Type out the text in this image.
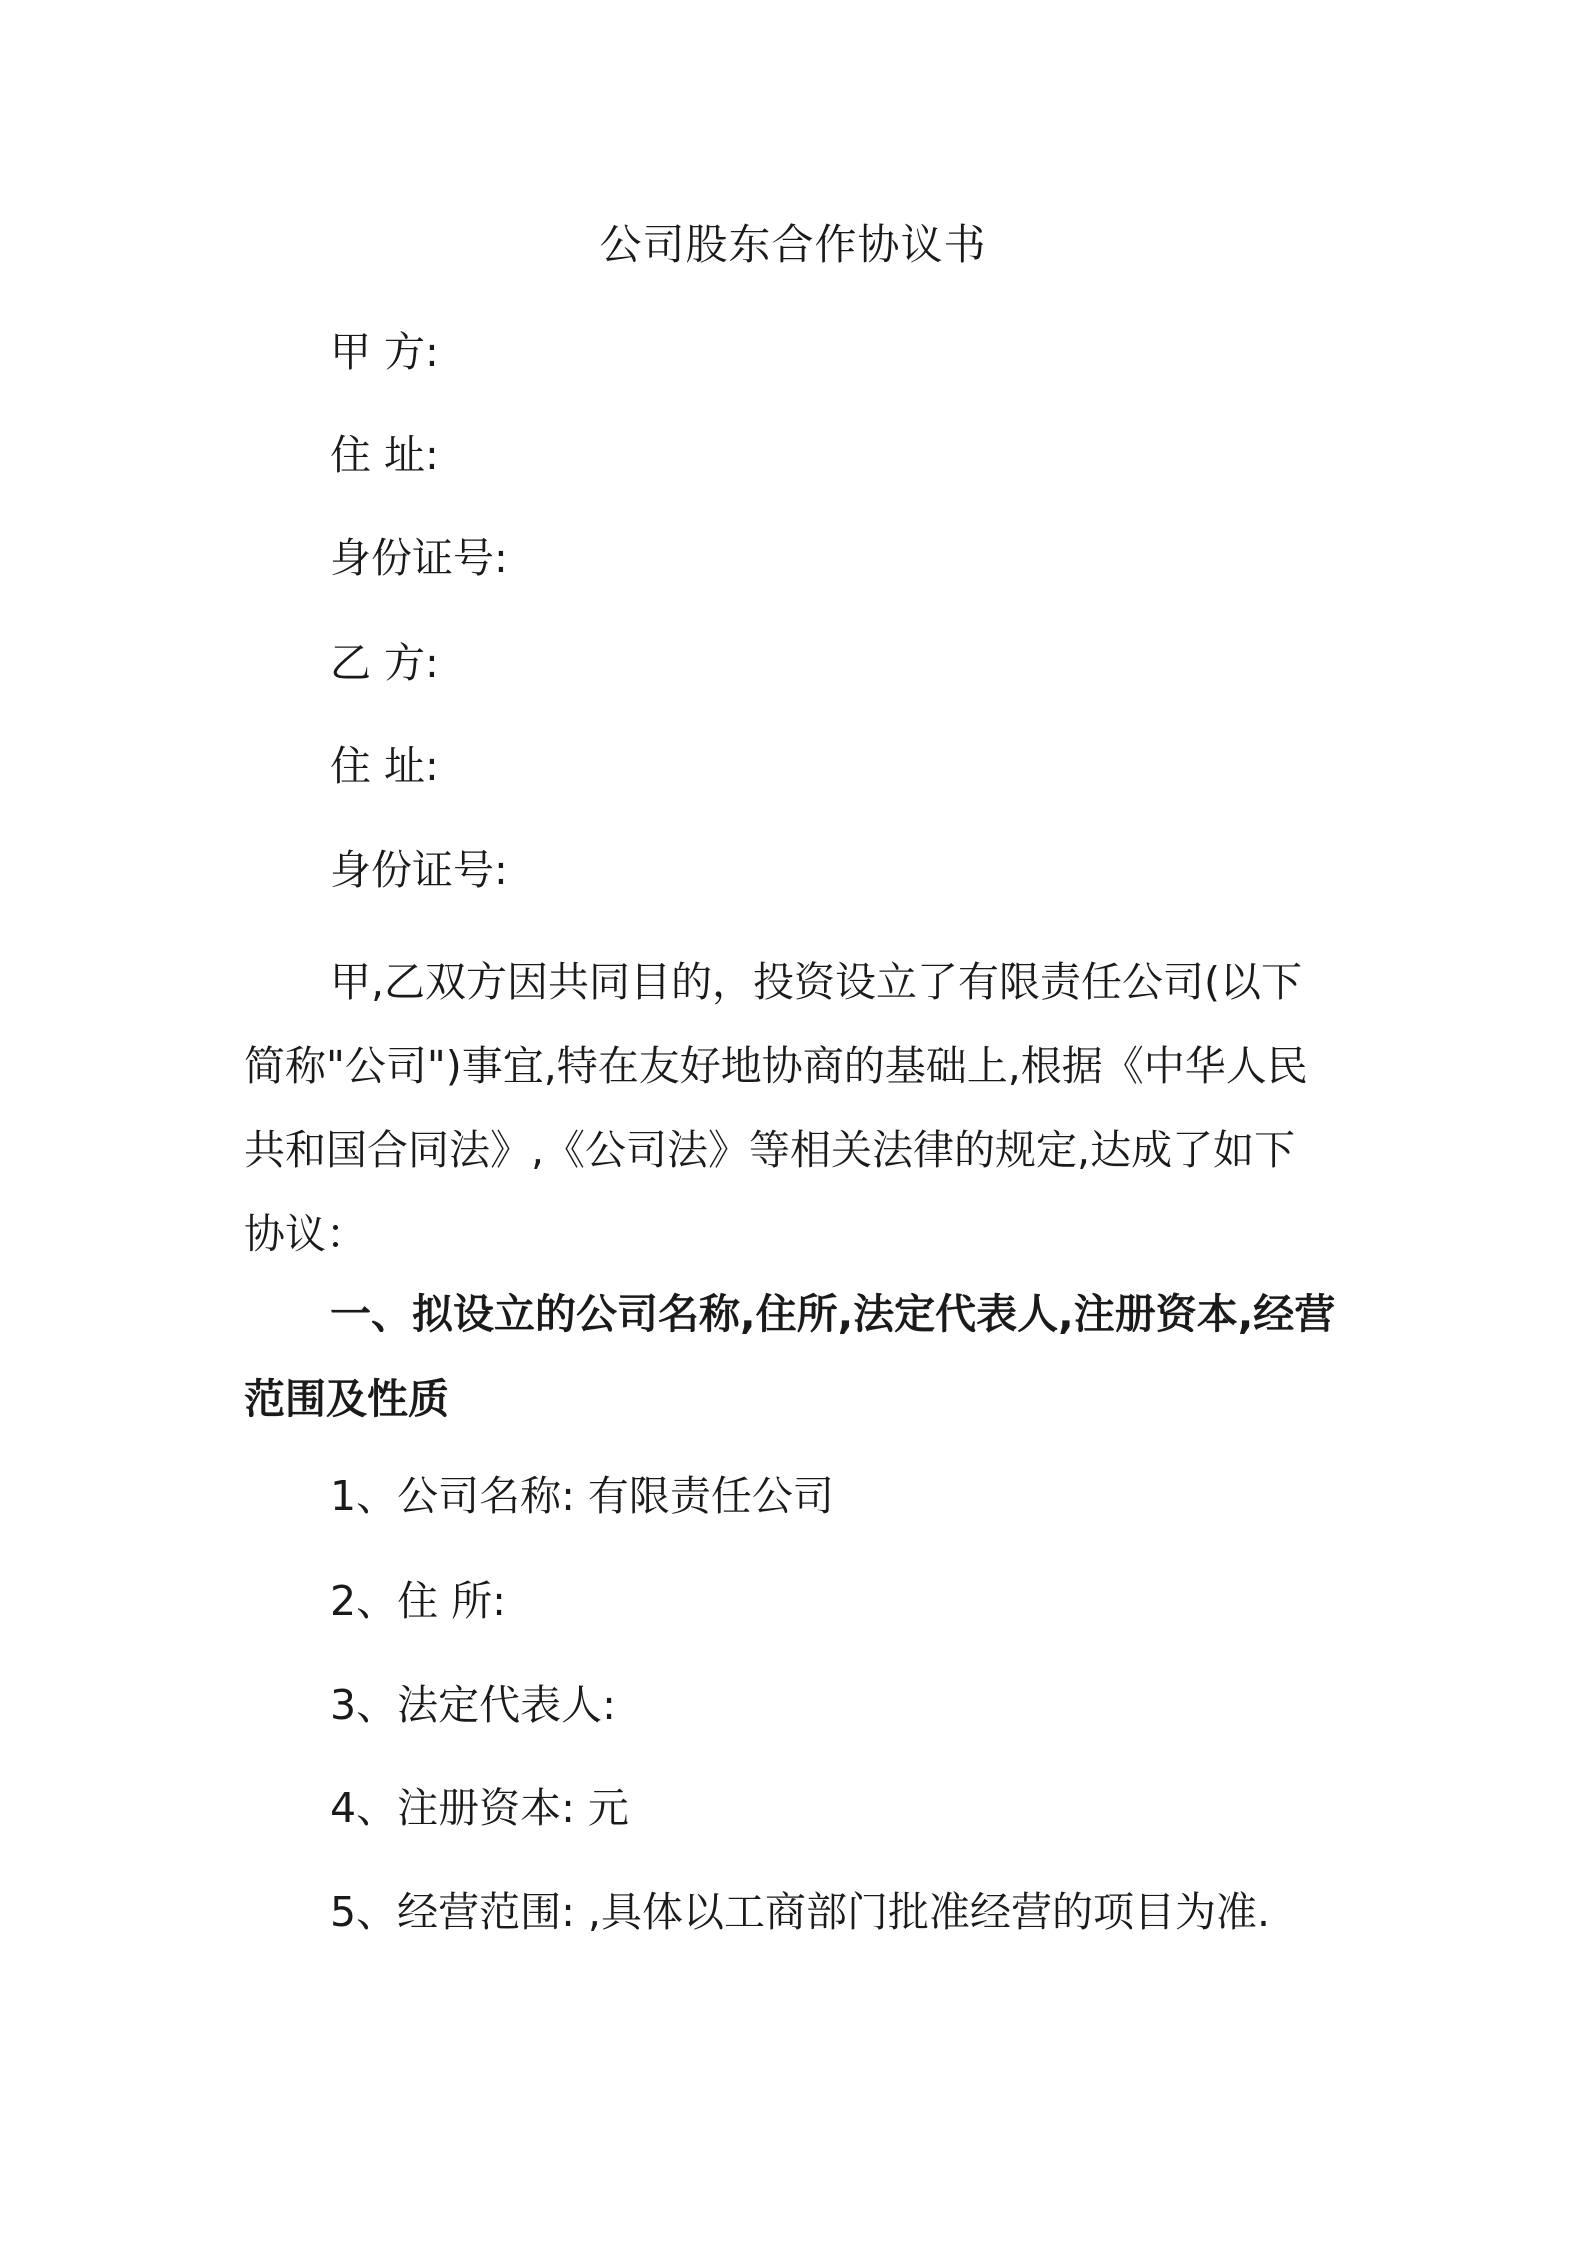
公司股东合作协议书
甲 方:
住 址:
身份证号:
乙 方:
住 址:
身份证号:
甲,乙双方因共同目的，投资设立了有限责任公司(以下
简称"公司")事宜,特在友好地协商的基础上,根据《中华人民
共和国合同法》,《公司法》等相关法律的规定,达成了如下
协议：
一、拟设立的公司名称,住所,法定代表人,注册资本,经营
范围及性质
1、公司名称: 有限责任公司
2、住 所:
3、法定代表人:
4、注册资本: 元
5、经营范围: ,具体以工商部门批准经营的项目为准.
